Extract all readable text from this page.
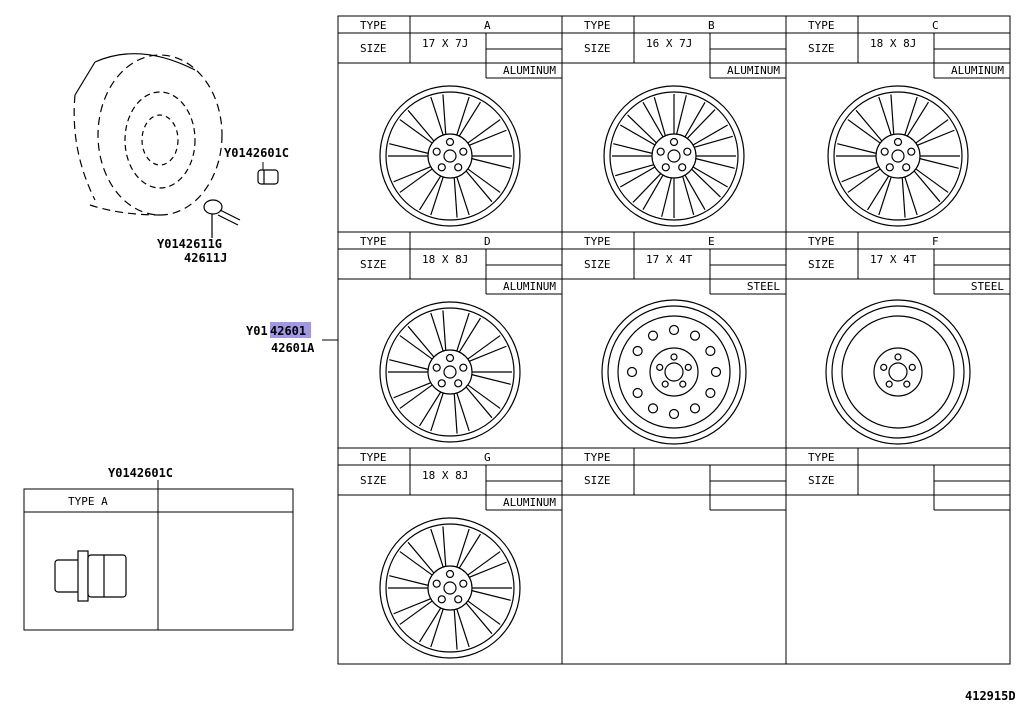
Y0142601C
Y0142611G
42611J
Y01 42601
42601A
Y0142601C
TYPE A
TYPE
SIZE
A
17 X 7J
ALUMINUM
TYPE
SIZE
B
16 X 7J
ALUMINUM
TYPE
SIZE
C
18 X 8J
ALUMINUM
TYPE
SIZE
D
18 X 8J
ALUMINUM
TYPE
SIZE
E
17 X 4T
STEEL
TYPE
SIZE
F
17 X 4T
STEEL
TYPE
SIZE
G
18 X 8J
ALUMINUM
TYPE
SIZE
TYPE
SIZE
412915D
